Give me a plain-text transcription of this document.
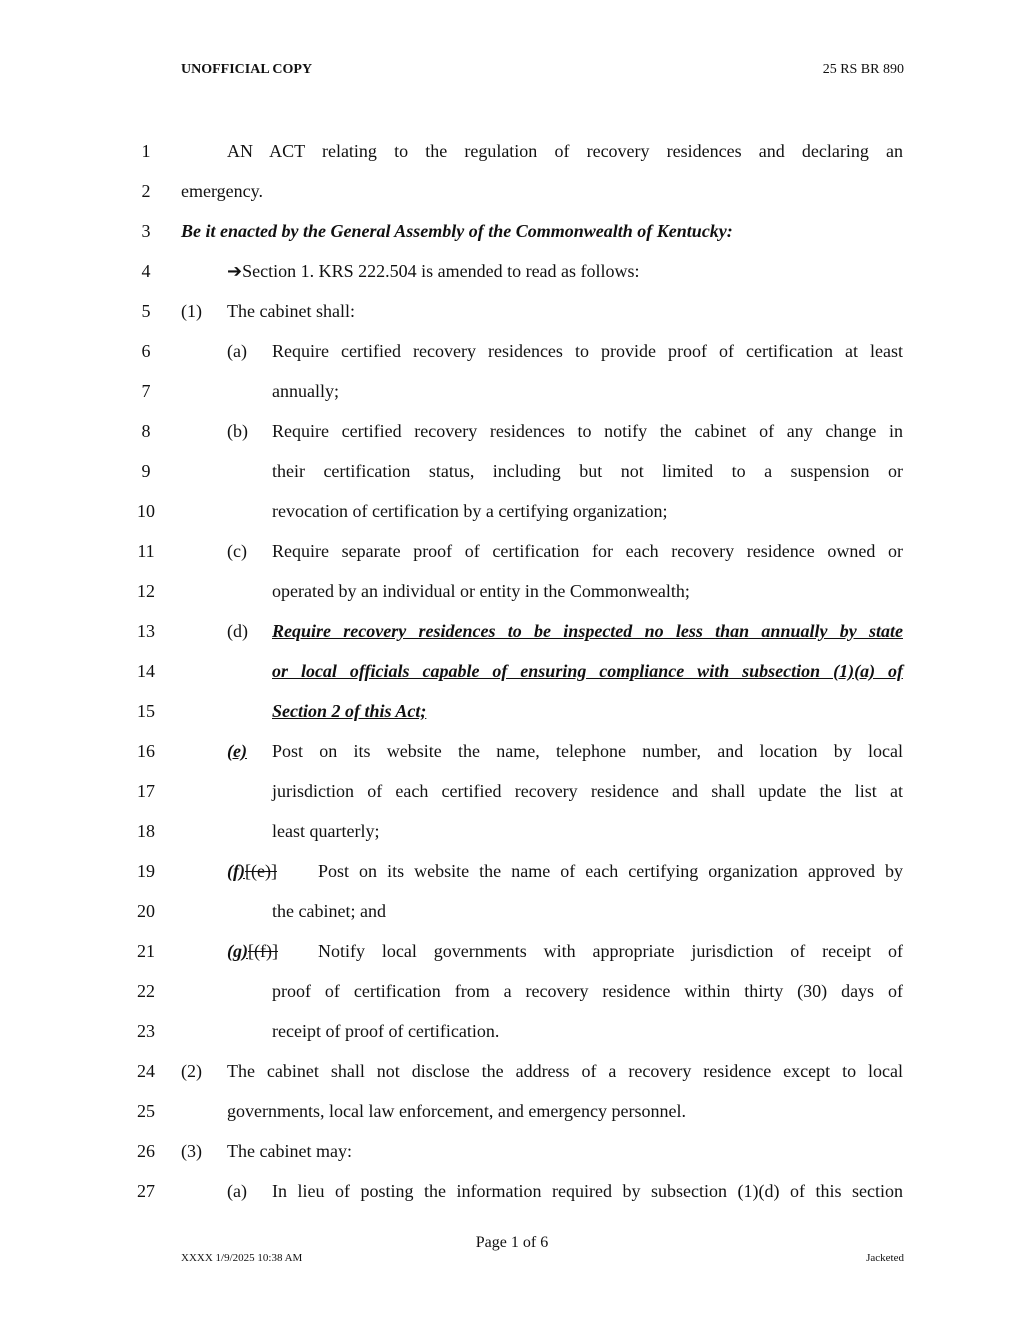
UNOFFICIAL COPY	25 RS BR 890
1	AN ACT relating to the regulation of recovery residences and declaring an
2	emergency.
3	Be it enacted by the General Assembly of the Commonwealth of Kentucky:
4	➔Section 1. KRS 222.504 is amended to read as follows:
5	(1) The cabinet shall:
6	(a) Require certified recovery residences to provide proof of certification at least
7	annually;
8	(b) Require certified recovery residences to notify the cabinet of any change in
9	their certification status, including but not limited to a suspension or
10	revocation of certification by a certifying organization;
11	(c) Require separate proof of certification for each recovery residence owned or
12	operated by an individual or entity in the Commonwealth;
13	(d) Require recovery residences to be inspected no less than annually by state
14	or local officials capable of ensuring compliance with subsection (1)(a) of
15	Section 2 of this Act;
16	(e) Post on its website the name, telephone number, and location by local
17	jurisdiction of each certified recovery residence and shall update the list at
18	least quarterly;
19	(f)[(e)] Post on its website the name of each certifying organization approved by
20	the cabinet; and
21	(g)[(f)] Notify local governments with appropriate jurisdiction of receipt of
22	proof of certification from a recovery residence within thirty (30) days of
23	receipt of proof of certification.
24	(2) The cabinet shall not disclose the address of a recovery residence except to local
25	governments, local law enforcement, and emergency personnel.
26	(3) The cabinet may:
27	(a) In lieu of posting the information required by subsection (1)(d) of this section
Page 1 of 6
XXXX 1/9/2025 10:38 AM	Jacketed
